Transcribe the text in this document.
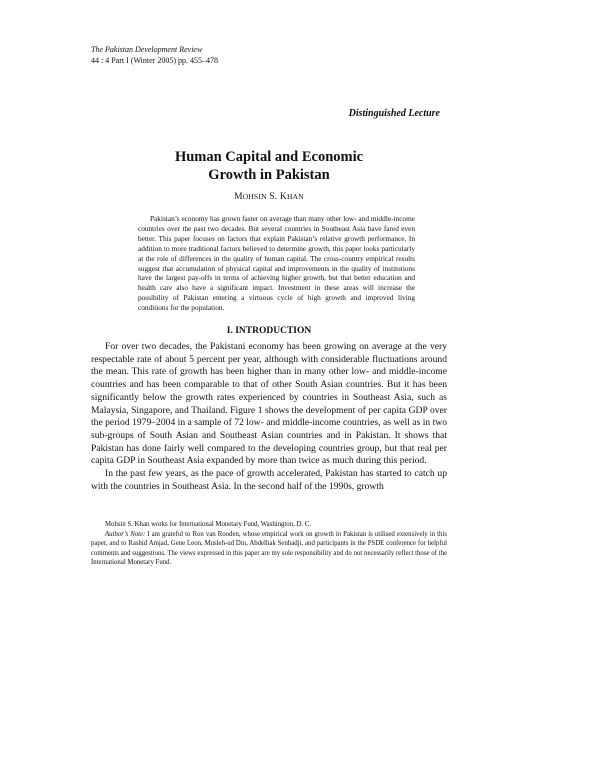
The Pakistan Development Review
44 : 4 Part I (Winter 2005) pp. 455–478
Distinguished Lecture
Human Capital and Economic
Growth in Pakistan
MOHSIN S. KHAN

Pakistan’s economy has grown faster on average than many other low- and middle-income countries over the past two decades. But several countries in Southeast Asia have fared even better. This paper focuses on factors that explain Pakistan’s relative growth performance. In addition to more traditional factors believed to determine growth, this paper looks particularly at the role of differences in the quality of human capital. The cross-country empirical results suggest that accumulation of physical capital and improvements in the quality of institutions have the largest pay-offs in terms of achieving higher growth, but that better education and health care also have a significant impact. Investment in these areas will increase the possibility of Pakistan entering a virtuous cycle of high growth and improved living conditions for the population.

I. INTRODUCTION

For over two decades, the Pakistani economy has been growing on average at the very respectable rate of about 5 percent per year, although with considerable fluctuations around the mean. This rate of growth has been higher than in many other low- and middle-income countries and has been comparable to that of other South Asian countries. But it has been significantly below the growth rates experienced by countries in Southeast Asia, such as Malaysia, Singapore, and Thailand. Figure 1 shows the development of per capita GDP over the period 1979–2004 in a sample of 72 low- and middle-income countries, as well as in two sub-groups of South Asian and Southeast Asian countries and in Pakistan. It shows that Pakistan has done fairly well compared to the developing countries group, but that real per capita GDP in Southeast Asia expanded by more than twice as much during this period.

In the past few years, as the pace of growth accelerated, Pakistan has started to catch up with the countries in Southeast Asia. In the second half of the 1990s, growth

Mohsin S. Khan works for International Monetary Fund, Washington, D. C.

Author’s Note: I am grateful to Ron van Rooden, whose empirical work on growth in Pakistan is utilised extensively in this paper, and to Rashid Amjad, Gene Leon, Musleh-ud Din, Abdelhak Senhadji, and participants in the PSDE conference for helpful comments and suggestions. The views expressed in this paper are my sole responsibility and do not necessarily reflect those of the International Monetary Fund.
